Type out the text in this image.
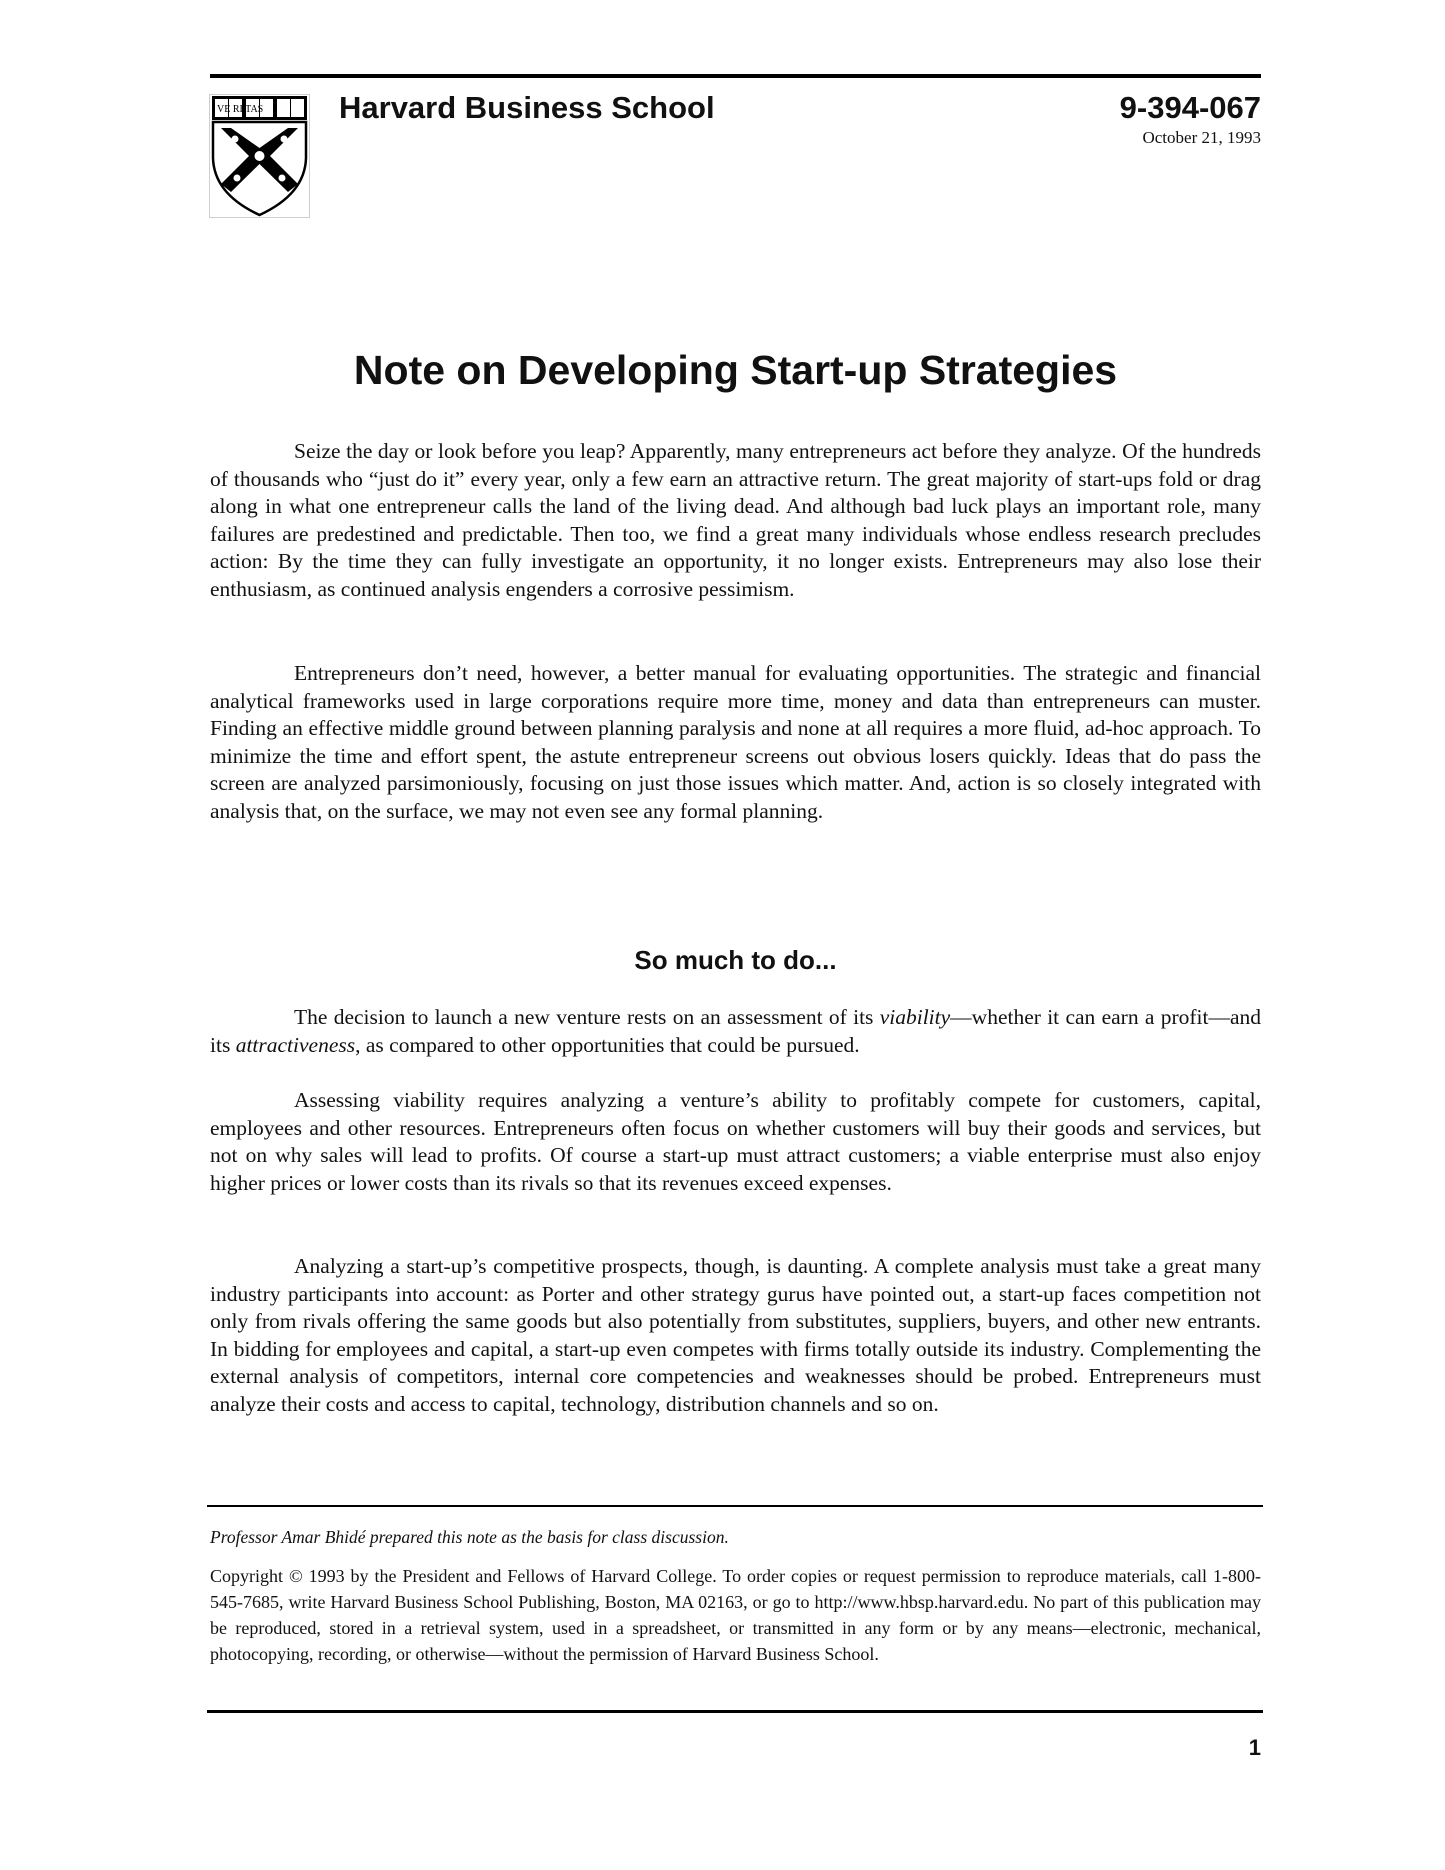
VE RI TAS Harvard Business School	9-394-067
October 21, 1993
Note on Developing Start-up Strategies

Seize the day or look before you leap? Apparently, many entrepreneurs act before they analyze. Of the hundreds of thousands who “just do it” every year, only a few earn an attractive return. The great majority of start-ups fold or drag along in what one entrepreneur calls the land of the living dead. And although bad luck plays an important role, many failures are predestined and predictable. Then too, we find a great many individuals whose endless research precludes action: By the time they can fully investigate an opportunity, it no longer exists. Entrepreneurs may also lose their enthusiasm, as continued analysis engenders a corrosive pessimism.

Entrepreneurs don’t need, however, a better manual for evaluating opportunities. The strategic and financial analytical frameworks used in large corporations require more time, money and data than entrepreneurs can muster. Finding an effective middle ground between planning paralysis and none at all requires a more fluid, ad-hoc approach. To minimize the time and effort spent, the astute entrepreneur screens out obvious losers quickly. Ideas that do pass the screen are analyzed parsimoniously, focusing on just those issues which matter. And, action is so closely integrated with analysis that, on the surface, we may not even see any formal planning.

So much to do...

The decision to launch a new venture rests on an assessment of its viability—whether it can earn a profit—and its attractiveness, as compared to other opportunities that could be pursued.

Assessing viability requires analyzing a venture’s ability to profitably compete for customers, capital, employees and other resources. Entrepreneurs often focus on whether customers will buy their goods and services, but not on why sales will lead to profits. Of course a start-up must attract customers; a viable enterprise must also enjoy higher prices or lower costs than its rivals so that its revenues exceed expenses.

Analyzing a start-up’s competitive prospects, though, is daunting. A complete analysis must take a great many industry participants into account: as Porter and other strategy gurus have pointed out, a start-up faces competition not only from rivals offering the same goods but also potentially from substitutes, suppliers, buyers, and other new entrants. In bidding for employees and capital, a start-up even competes with firms totally outside its industry. Complementing the external analysis of competitors, internal core competencies and weaknesses should be probed. Entrepreneurs must analyze their costs and access to capital, technology, distribution channels and so on.

Professor Amar Bhidé prepared this note as the basis for class discussion.
Copyright © 1993 by the President and Fellows of Harvard College. To order copies or request permission to reproduce materials, call 1-800-545-7685, write Harvard Business School Publishing, Boston, MA 02163, or go to http://www.hbsp.harvard.edu. No part of this publication may be reproduced, stored in a retrieval system, used in a spreadsheet, or transmitted in any form or by any means—electronic, mechanical, photocopying, recording, or otherwise—without the permission of Harvard Business School.
1
